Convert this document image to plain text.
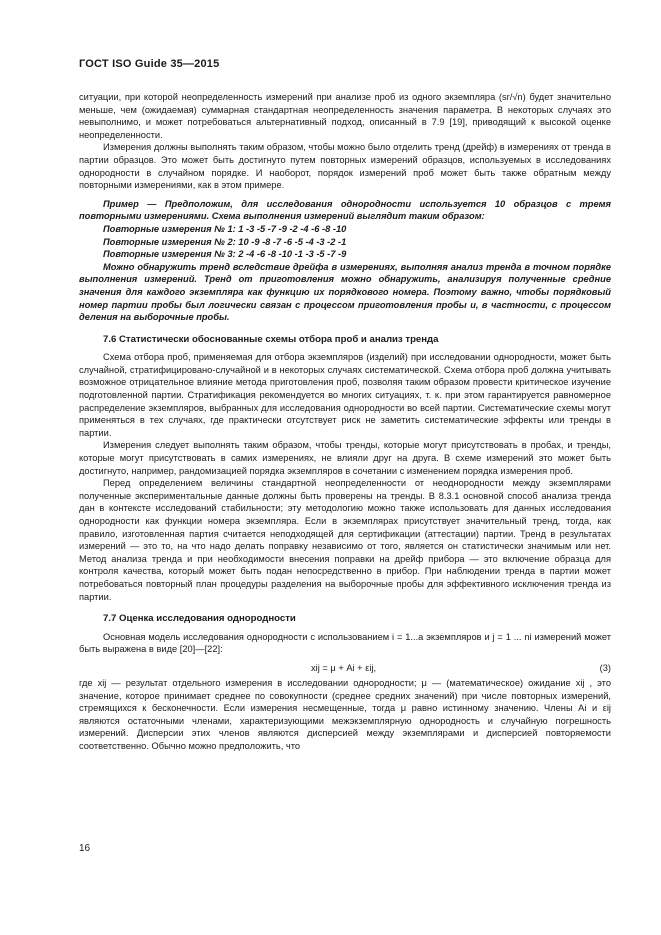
ГОСТ ISO Guide 35—2015

ситуации, при которой неопределенность измерений при анализе проб из одного экземпляра (sr/√n) будет значительно меньше, чем (ожидаемая) суммарная стандартная неопределенность значения параметра. В некоторых случаях это невыполнимо, и может потребоваться альтернативный подход, описанный в 7.9 [19], приводящий к высокой оценке неопределенности.

Измерения должны выполнять таким образом, чтобы можно было отделить тренд (дрейф) в измерениях от тренда в партии образцов. Это может быть достигнуто путем повторных измерений образцов, используемых в исследованиях однородности в случайном порядке. И наоборот, порядок измерений проб может быть также обратным между повторными измерениями, как в этом примере.

Пример — Предположим, для исследования однородности используется 10 образцов с тремя повторными измерениями. Схема выполнения измерений выглядит таким образом:

Повторные измерения № 1: 1 -3 -5 -7 -9 -2 -4 -6 -8 -10

Повторные измерения № 2: 10 -9 -8 -7 -6 -5 -4 -3 -2 -1

Повторные измерения № 3: 2 -4 -6 -8 -10 -1 -3 -5 -7 -9

Можно обнаружить тренд вследствие дрейфа в измерениях, выполняя анализ тренда в точном порядке выполнения измерений. Тренд от приготовления можно обнаружить, анализируя полученные средние значения для каждого экземпляра как функцию их порядкового номера. Поэтому важно, чтобы порядковый номер партии пробы был логически связан с процессом приготовления пробы u, в частности, с процессом деления на выборочные пробы.

7.6 Статистически обоснованные схемы отбора проб и анализ тренда

Схема отбора проб, применяемая для отбора экземпляров (изделий) при исследовании однородности, может быть случайной, стратифицировано-случайной и в некоторых случаях систематической. Схема отбора проб должна учитывать возможное отрицательное влияние метода приготовления проб, позволяя таким образом провести критическое изучение подготовленной партии. Стратификация рекомендуется во многих ситуациях, т. к. при этом гарантируется равномерное распределение экземпляров, выбранных для исследования однородности во всей партии. Систематические схемы могут применяться в тех случаях, где практически отсутствует риск не заметить систематические эффекты или тренды в партии.

Измерения следует выполнять таким образом, чтобы тренды, которые могут присутствовать в пробах, и тренды, которые могут присутствовать в самих измерениях, не влияли друг на друга. В схеме измерений это может быть достигнуто, например, рандомизацией порядка экземпляров в сочетании с изменением порядка измерения проб.

Перед определением величины стандартной неопределенности от неоднородности между экземплярами полученные экспериментальные данные должны быть проверены на тренды. В 8.3.1 основной способ анализа тренда дан в контексте исследований стабильности; эту методологию можно также использовать для данных исследования однородности как функции номера экземпляра. Если в экземплярах присутствует значительный тренд, тогда, как правило, изготовленная партия считается неподходящей для сертификации (аттестации) партии. Тренд в результатах измерений — это то, на что надо делать поправку независимо от того, является он статистически значимым или нет. Метод анализа тренда и при необходимости внесения поправки на дрейф прибора — это включение образца для контроля качества, который может быть подан непосредственно в прибор. При наблюдении тренда в партии может потребоваться повторный план процедуры разделения на выборочные пробы для эффективного исключения тренда из партии.

7.7 Оценка исследования однородности

Основная модель исследования однородности с использованием i = 1...a экземпляров и j = 1 ... ni измерений может быть выражена в виде [20]—[22]:

xij = μ + Ai + εij,	(3)

где xij — результат отдельного измерения в исследовании однородности; μ — (математическое) ожидание xij , это значение, которое принимает среднее по совокупности (среднее средних значений) при числе повторных измерений, стремящихся к бесконечности. Если измерения несмещенные, тогда μ равно истинному значению. Члены Ai и εij являются остаточными членами, характеризующими межэкземплярную однородность и случайную погрешность измерений. Дисперсии этих членов являются дисперсией между экземплярами и дисперсией повторяемости соответственно. Обычно можно предположить, что

16
